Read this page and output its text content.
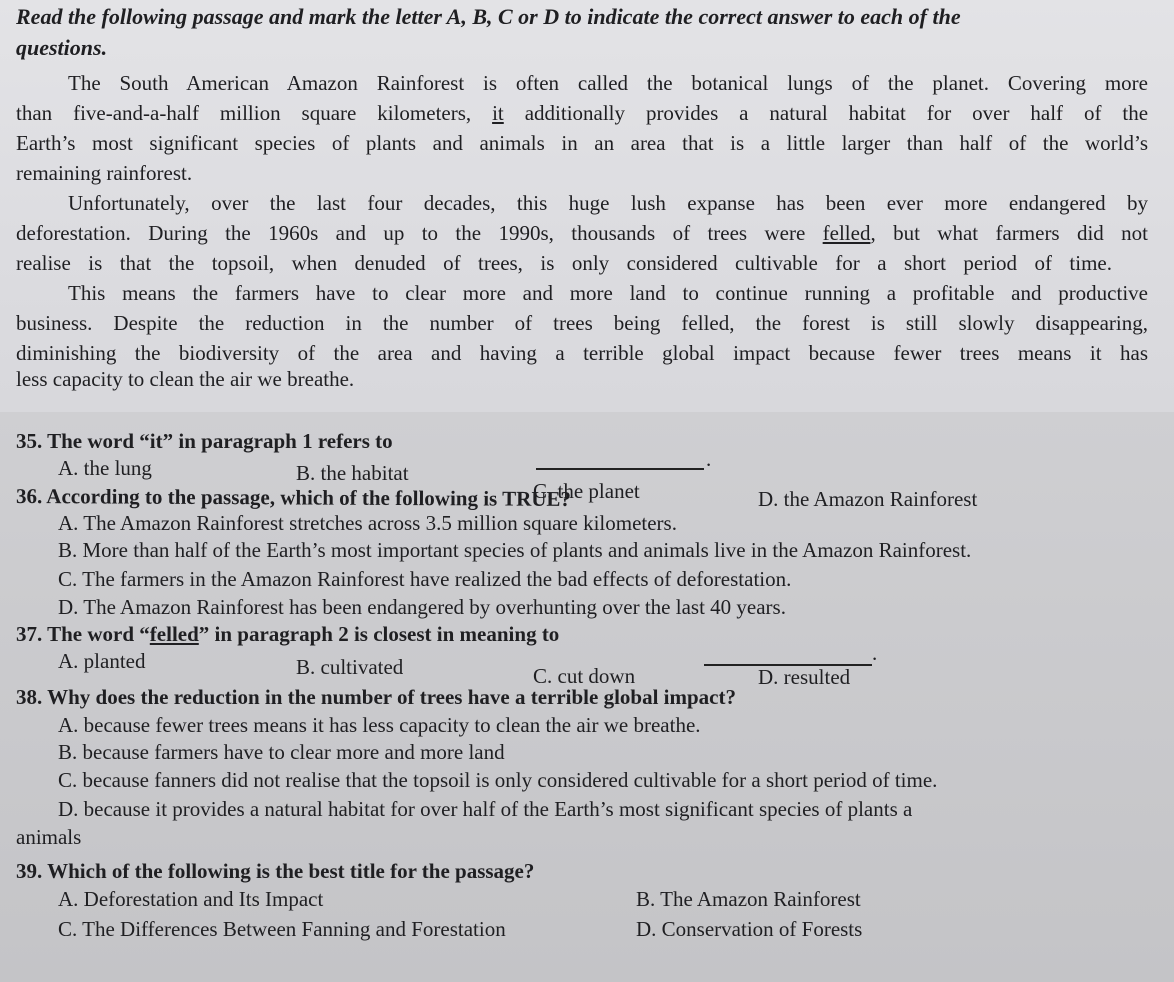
Read the following passage and mark the letter A, B, C or D to indicate the correct answer to each of the
questions.
The South American Amazon Rainforest is often called the botanical lungs of the planet. Covering more
than five-and-a-half million square kilometers, it additionally provides a natural habitat for over half of the
Earth’s most significant species of plants and animals in an area that is a little larger than half of the world’s
remaining rainforest.
Unfortunately, over the last four decades, this huge lush expanse has been ever more endangered by
deforestation. During the 1960s and up to the 1990s, thousands of trees were felled, but what farmers did not
realise is that the topsoil, when denuded of trees, is only considered cultivable for a short period of time.
This means the farmers have to clear more and more land to continue running a profitable and productive
business. Despite the reduction in the number of trees being felled, the forest is still slowly disappearing,
diminishing the biodiversity of the area and having a terrible global impact because fewer trees means it has
less capacity to clean the air we breathe.
35. The word “it” in paragraph 1 refers to
.
A. the lung	B. the habitat
C. the planet	D. the Amazon Rainforest
36. According to the passage, which of the following is TRUE?
A. The Amazon Rainforest stretches across 3.5 million square kilometers.
B. More than half of the Earth’s most important species of plants and animals live in the Amazon Rainforest.
C. The farmers in the Amazon Rainforest have realized the bad effects of deforestation.
D. The Amazon Rainforest has been endangered by overhunting over the last 40 years.
37. The word “felled” in paragraph 2 is closest in meaning to
.
A. planted	B. cultivated	C. cut down	D. resulted
38. Why does the reduction in the number of trees have a terrible global impact?
A. because fewer trees means it has less capacity to clean the air we breathe.
B. because farmers have to clear more and more land
C. because fanners did not realise that the topsoil is only considered cultivable for a short period of time.
D. because it provides a natural habitat for over half of the Earth’s most significant species of plants a
animals
39. Which of the following is the best title for the passage?
A. Deforestation and Its Impact	B. The Amazon Rainforest
C. The Differences Between Fanning and Forestation	D. Conservation of Forests
